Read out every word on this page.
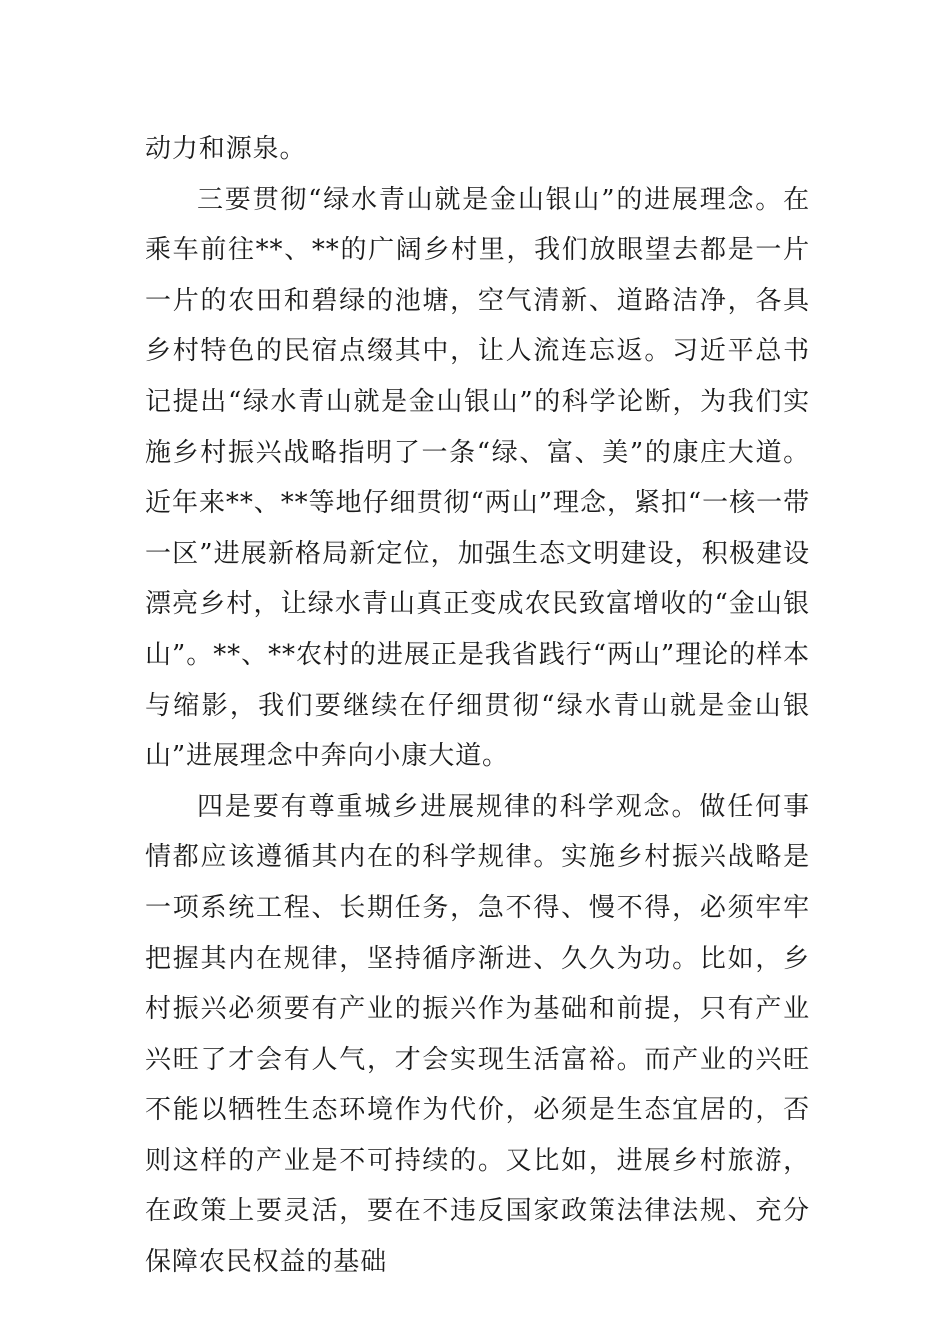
动力和源泉。

三要贯彻“绿水青山就是金山银山”的进展理念。在乘车前往**、**的广阔乡村里，我们放眼望去都是一片一片的农田和碧绿的池塘，空气清新、道路洁净，各具乡村特色的民宿点缀其中，让人流连忘返。习近平总书记提出“绿水青山就是金山银山”的科学论断，为我们实施乡村振兴战略指明了一条“绿、富、美”的康庄大道。近年来**、**等地仔细贯彻“两山”理念，紧扣“一核一带一区”进展新格局新定位，加强生态文明建设，积极建设漂亮乡村，让绿水青山真正变成农民致富增收的“金山银山”。**、**农村的进展正是我省践行“两山”理论的样本与缩影，我们要继续在仔细贯彻“绿水青山就是金山银山”进展理念中奔向小康大道。

四是要有尊重城乡进展规律的科学观念。做任何事情都应该遵循其内在的科学规律。实施乡村振兴战略是一项系统工程、长期任务，急不得、慢不得，必须牢牢把握其内在规律，坚持循序渐进、久久为功。比如，乡村振兴必须要有产业的振兴作为基础和前提，只有产业兴旺了才会有人气，才会实现生活富裕。而产业的兴旺不能以牺牲生态环境作为代价，必须是生态宜居的，否则这样的产业是不可持续的。又比如，进展乡村旅游，在政策上要灵活，要在不违反国家政策法律法规、充分保障农民权益的基础
